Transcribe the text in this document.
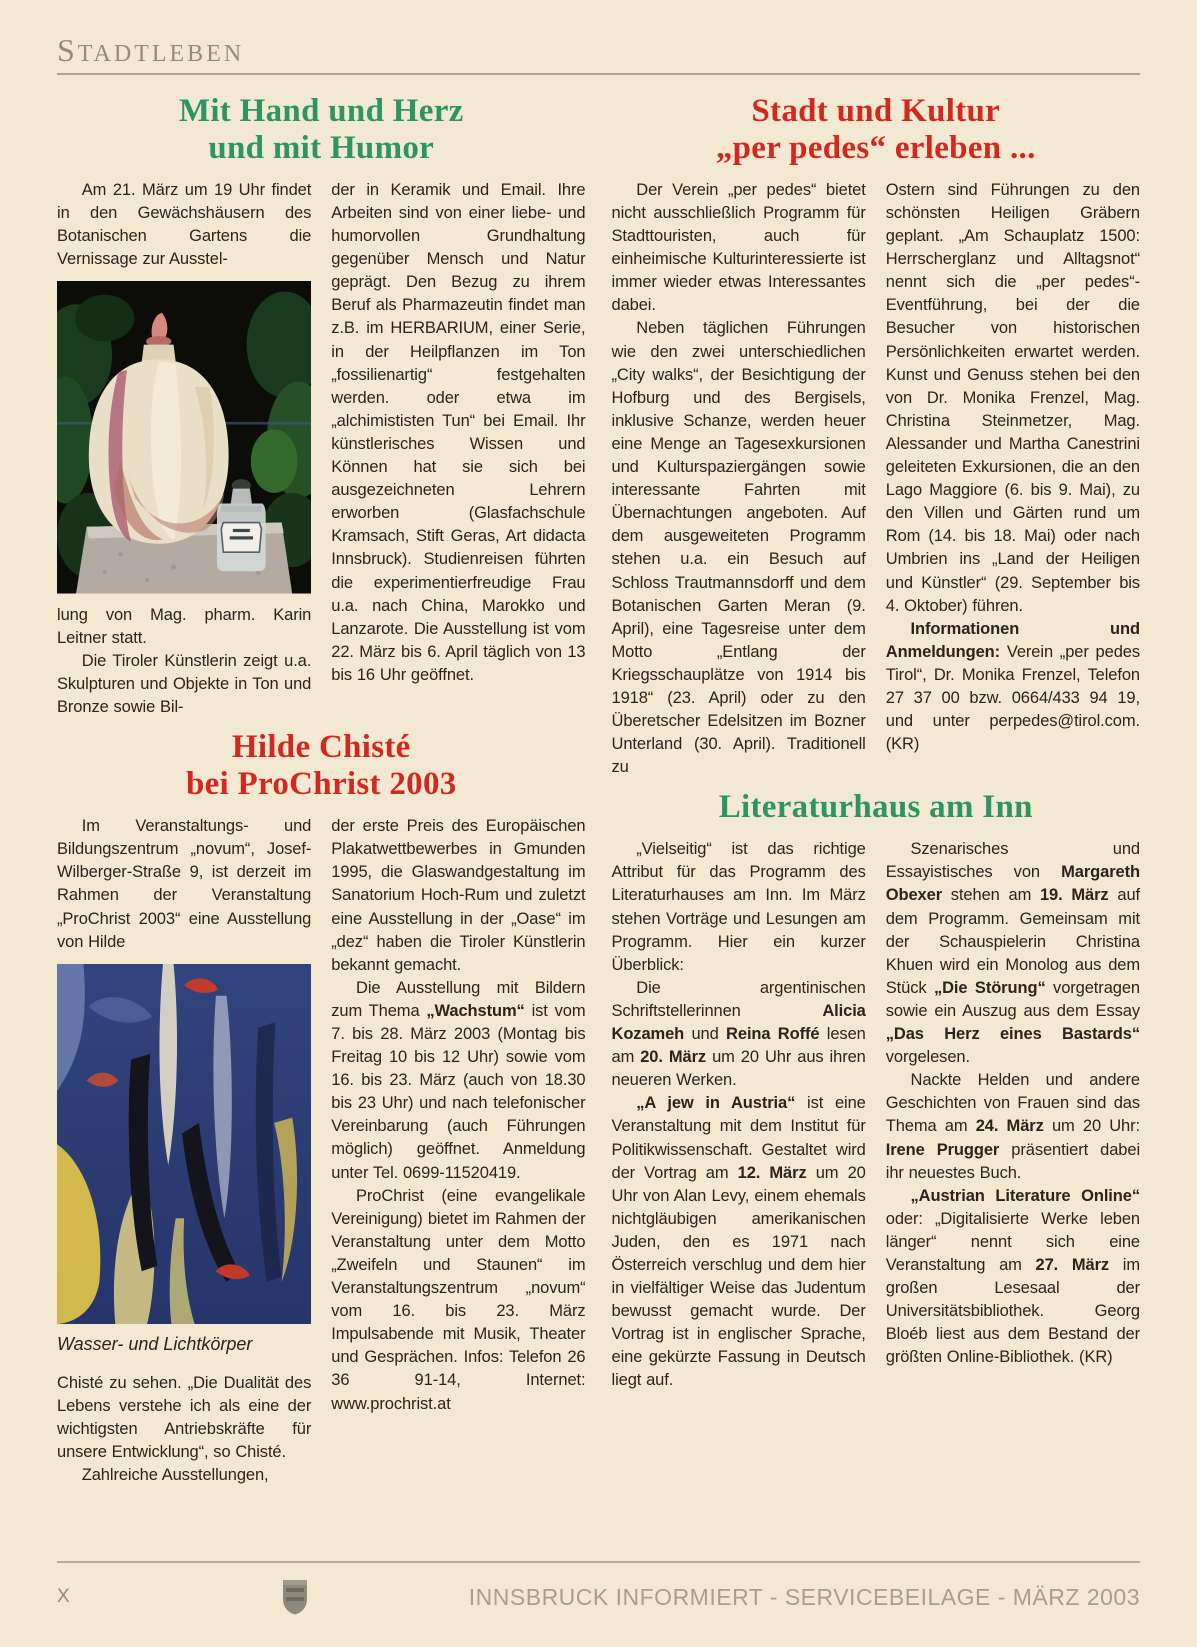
STADTLEBEN
Mit Hand und Herz
und mit Humor

Am 21. März um 19 Uhr findet in den Gewächshäusern des Botanischen Gartens die Vernissage zur Ausstel-

lung von Mag. pharm. Karin Leitner statt.

Die Tiroler Künstlerin zeigt u.a. Skulpturen und Objekte in Ton und Bronze sowie Bil-

der in Keramik und Email. Ihre Arbeiten sind von einer liebe- und humorvollen Grundhaltung gegenüber Mensch und Natur geprägt. Den Bezug zu ihrem Beruf als Pharmazeutin findet man z.B. im HERBARIUM, einer Serie, in der Heilpflanzen im Ton „fossilienartig“ festgehalten werden. oder etwa im „alchimististen Tun“ bei Email. Ihr künstlerisches Wissen und Können hat sie sich bei ausgezeichneten Lehrern erworben (Glasfachschule Kramsach, Stift Geras, Art didacta Innsbruck). Studienreisen führten die experimentierfreudige Frau u.a. nach China, Marokko und Lanzarote. Die Ausstellung ist vom 22. März bis 6. April täglich von 13 bis 16 Uhr geöffnet.

Hilde Chisté
bei ProChrist 2003

Im Veranstaltungs- und Bildungszentrum „novum“, Josef-Wilberger-Straße 9, ist derzeit im Rahmen der Veranstaltung „ProChrist 2003“ eine Ausstellung von Hilde

Wasser- und Lichtkörper

Chisté zu sehen. „Die Dualität des Lebens verstehe ich als eine der wichtigsten Antriebskräfte für unsere Entwicklung“, so Chisté.

Zahlreiche Ausstellungen,

der erste Preis des Europäischen Plakatwettbewerbes in Gmunden 1995, die Glaswandgestaltung im Sanatorium Hoch-Rum und zuletzt eine Ausstellung in der „Oase“ im „dez“ haben die Tiroler Künstlerin bekannt gemacht.

Die Ausstellung mit Bildern zum Thema „Wachstum“ ist vom 7. bis 28. März 2003 (Montag bis Freitag 10 bis 12 Uhr) sowie vom 16. bis 23. März (auch von 18.30 bis 23 Uhr) und nach telefonischer Vereinbarung (auch Führungen möglich) geöffnet. Anmeldung unter Tel. 0699-11520419.

ProChrist (eine evangelikale Vereinigung) bietet im Rahmen der Veranstaltung unter dem Motto „Zweifeln und Staunen“ im Veranstaltungszentrum „novum“ vom 16. bis 23. März Impulsabende mit Musik, Theater und Gesprächen. Infos: Telefon 26 36 91-14, Internet: www.prochrist.at

Stadt und Kultur
„per pedes“ erleben ...

Der Verein „per pedes“ bietet nicht ausschließlich Programm für Stadttouristen, auch für einheimische Kulturinteressierte ist immer wieder etwas Interessantes dabei.

Neben täglichen Führungen wie den zwei unterschiedlichen „City walks“, der Besichtigung der Hofburg und des Bergisels, inklusive Schanze, werden heuer eine Menge an Tagesexkursionen und Kulturspaziergängen sowie interessante Fahrten mit Übernachtungen angeboten. Auf dem ausgeweiteten Programm stehen u.a. ein Besuch auf Schloss Trautmannsdorff und dem Botanischen Garten Meran (9. April), eine Tagesreise unter dem Motto „Entlang der Kriegsschauplätze von 1914 bis 1918“ (23. April) oder zu den Überetscher Edelsitzen im Bozner Unterland (30. April). Traditionell zu

Ostern sind Führungen zu den schönsten Heiligen Gräbern geplant. „Am Schauplatz 1500: Herrscherglanz und Alltagsnot“ nennt sich die „per pedes“-Eventführung, bei der die Besucher von historischen Persönlichkeiten erwartet werden. Kunst und Genuss stehen bei den von Dr. Monika Frenzel, Mag. Christina Steinmetzer, Mag. Alessander und Martha Canestrini geleiteten Exkursionen, die an den Lago Maggiore (6. bis 9. Mai), zu den Villen und Gärten rund um Rom (14. bis 18. Mai) oder nach Umbrien ins „Land der Heiligen und Künstler“ (29. September bis 4. Oktober) führen.

Informationen und Anmeldungen: Verein „per pedes Tirol“, Dr. Monika Frenzel, Telefon 27 37 00 bzw. 0664/433 94 19, und unter perpedes@tirol.com. (KR)

Literaturhaus am Inn

„Vielseitig“ ist das richtige Attribut für das Programm des Literaturhauses am Inn. Im März stehen Vorträge und Lesungen am Programm. Hier ein kurzer Überblick:

Die argentinischen Schriftstellerinnen Alicia Kozameh und Reina Roffé lesen am 20. März um 20 Uhr aus ihren neueren Werken.

„A jew in Austria“ ist eine Veranstaltung mit dem Institut für Politikwissenschaft. Gestaltet wird der Vortrag am 12. März um 20 Uhr von Alan Levy, einem ehemals nichtgläubigen amerikanischen Juden, den es 1971 nach Österreich verschlug und dem hier in vielfältiger Weise das Judentum bewusst gemacht wurde. Der Vortrag ist in englischer Sprache, eine gekürzte Fassung in Deutsch liegt auf.

Szenarisches und Essayistisches von Margareth Obexer stehen am 19. März auf dem Programm. Gemeinsam mit der Schauspielerin Christina Khuen wird ein Monolog aus dem Stück „Die Störung“ vorgetragen sowie ein Auszug aus dem Essay „Das Herz eines Bastards“ vorgelesen.

Nackte Helden und andere Geschichten von Frauen sind das Thema am 24. März um 20 Uhr: Irene Prugger präsentiert dabei ihr neuestes Buch.

„Austrian Literature Online“ oder: „Digitalisierte Werke leben länger“ nennt sich eine Veranstaltung am 27. März im großen Lesesaal der Universitätsbibliothek. Georg Bloéb liest aus dem Bestand der größten Online-Bibliothek. (KR)

X	INNSBRUCK INFORMIERT - SERVICEBEILAGE - MÄRZ 2003
